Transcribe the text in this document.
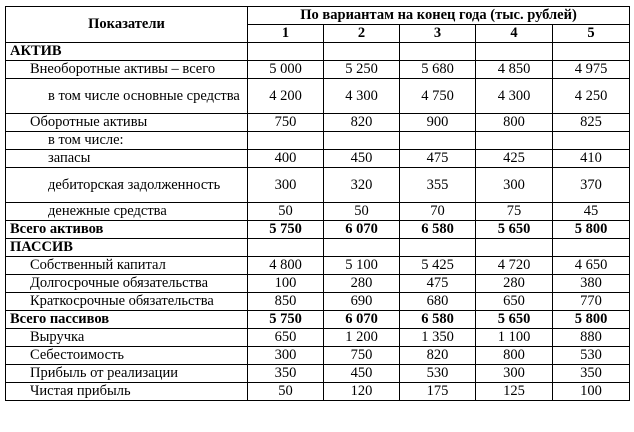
Показатели	По вариантам на конец года (тыс. рублей)				
	1	2	3	4	5
АКТИВ					
Внеоборотные активы – всего	5 000	5 250	5 680	4 850	4 975
в том числе основные средства	4 200	4 300	4 750	4 300	4 250
Оборотные активы	750	820	900	800	825
в том числе:					
запасы	400	450	475	425	410
дебиторская задолженность	300	320	355	300	370
денежные средства	50	50	70	75	45
Всего активов	5 750	6 070	6 580	5 650	5 800
ПАССИВ					
Собственный капитал	4 800	5 100	5 425	4 720	4 650
Долгосрочные обязательства	100	280	475	280	380
Краткосрочные обязательства	850	690	680	650	770
Всего пассивов	5 750	6 070	6 580	5 650	5 800
Выручка	650	1 200	1 350	1 100	880
Себестоимость	300	750	820	800	530
Прибыль от реализации	350	450	530	300	350
Чистая прибыль	50	120	175	125	100
